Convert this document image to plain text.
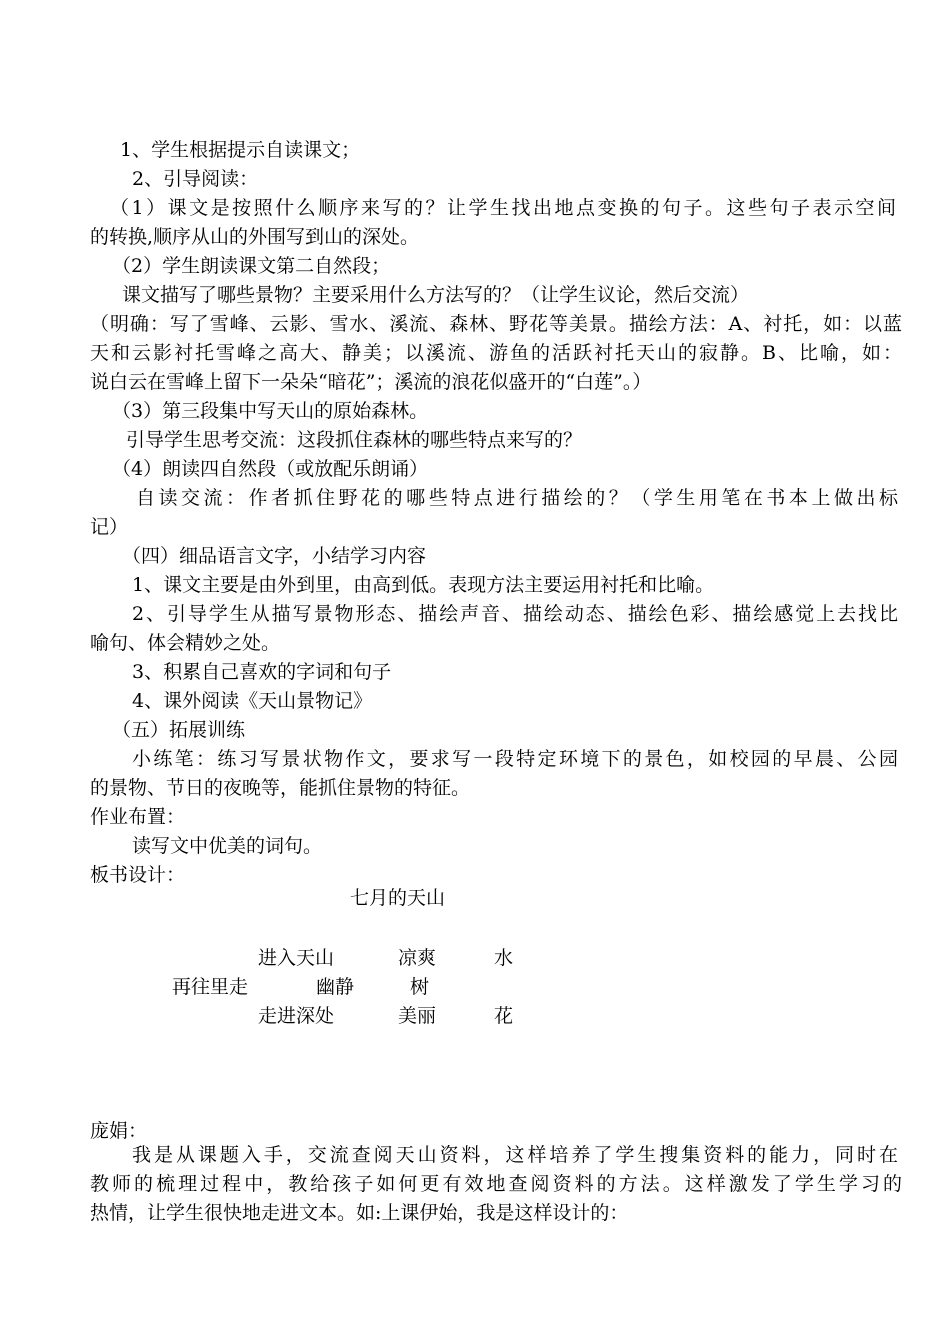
1、学生根据提示自读课文；
2、引导阅读：
（1）课文是按照什么顺序来写的？让学生找出地点变换的句子。这些句子表示空间
的转换,顺序从山的外围写到山的深处。
（2）学生朗读课文第二自然段；
课文描写了哪些景物？主要采用什么方法写的？（让学生议论，然后交流）
（明确：写了雪峰、云影、雪水、溪流、森林、野花等美景。描绘方法：A、衬托，如：以蓝
天和云影衬托雪峰之高大、静美；以溪流、游鱼的活跃衬托天山的寂静。B、比喻，如：
说白云在雪峰上留下一朵朵“暗花”；溪流的浪花似盛开的“白莲”。）
（3）第三段集中写天山的原始森林。
引导学生思考交流：这段抓住森林的哪些特点来写的？
（4）朗读四自然段（或放配乐朗诵）
自读交流：作者抓住野花的哪些特点进行描绘的？（学生用笔在书本上做出标
记）
（四）细品语言文字，小结学习内容
1、课文主要是由外到里，由高到低。表现方法主要运用衬托和比喻。
2、引导学生从描写景物形态、描绘声音、描绘动态、描绘色彩、描绘感觉上去找比
喻句、体会精妙之处。
3、积累自己喜欢的字词和句子
4、课外阅读《天山景物记》
（五）拓展训练
小练笔：练习写景状物作文，要求写一段特定环境下的景色，如校园的早晨、公园
的景物、节日的夜晚等，能抓住景物的特征。
作业布置：
读写文中优美的词句。
板书设计：
七月的天山
进入天山	凉爽	水
再往里走	幽静	树
走进深处	美丽	花
庞娟：
我是从课题入手，交流查阅天山资料，这样培养了学生搜集资料的能力，同时在
教师的梳理过程中，教给孩子如何更有效地查阅资料的方法。这样激发了学生学习的
热情，让学生很快地走进文本。如:上课伊始，我是这样设计的：
